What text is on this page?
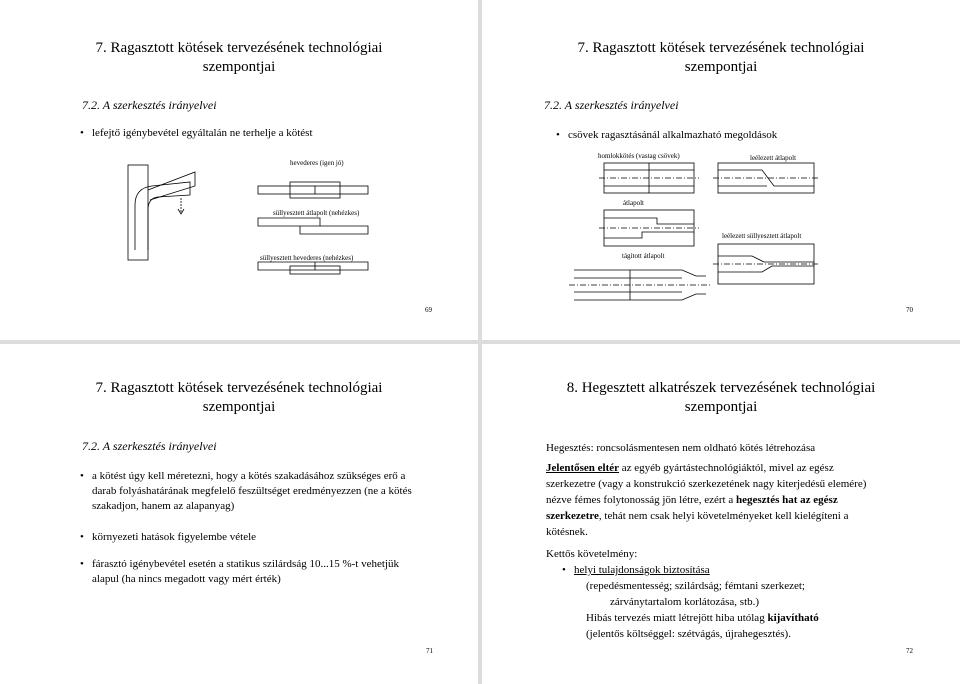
7. Ragasztott kötések tervezésének technológiai
szempontjai
7.2. A szerkesztés irányelvei
• lefejtő igénybevétel egyáltalán ne terhelje a kötést
hevederes (igen jó)
süllyesztett átlapolt (nehézkes)
süllyesztett hevederes (nehézkes)
69
7. Ragasztott kötések tervezésének technológiai
szempontjai
7.2. A szerkesztés irányelvei
• csövek ragasztásánál alkalmazható megoldások
homlokkötés (vastag csövek)	leélezett átlapolt
átlapolt
leélezett süllyesztett átlapolt
tágított átlapolt
70
7. Ragasztott kötések tervezésének technológiai
szempontjai
7.2. A szerkesztés irányelvei
• a kötést úgy kell méretezni, hogy a kötés szakadásához szükséges erő a darab folyáshatárának megfelelő feszültséget eredményezzen (ne a kötés szakadjon, hanem az alapanyag)
• környezeti hatások figyelembe vétele
• fárasztó igénybevétel esetén a statikus szilárdság 10...15 %-t vehetjük alapul (ha nincs megadott vagy mért érték)
71
8. Hegesztett alkatrészek tervezésének technológiai
szempontjai
Hegesztés: roncsolásmentesen nem oldható kötés létrehozása
Jelentősen eltér az egyéb gyártástechnológiáktól, mivel az egész szerkezetre (vagy a konstrukció szerkezetének nagy kiterjedésű elemére) nézve fémes folytonosság jön létre, ezért a hegesztés hat az egész szerkezetre, tehát nem csak helyi követelményeket kell kielégíteni a kötésnek.
Kettős követelmény:
helyi tulajdonságok biztosítása
•
(repedésmentesség; szilárdság; fémtani szerkezet;
zárványtartalom korlátozása, stb.)
Hibás tervezés miatt létrejött hiba utólag kijavítható
(jelentős költséggel: szétvágás, újrahegesztés).
72
